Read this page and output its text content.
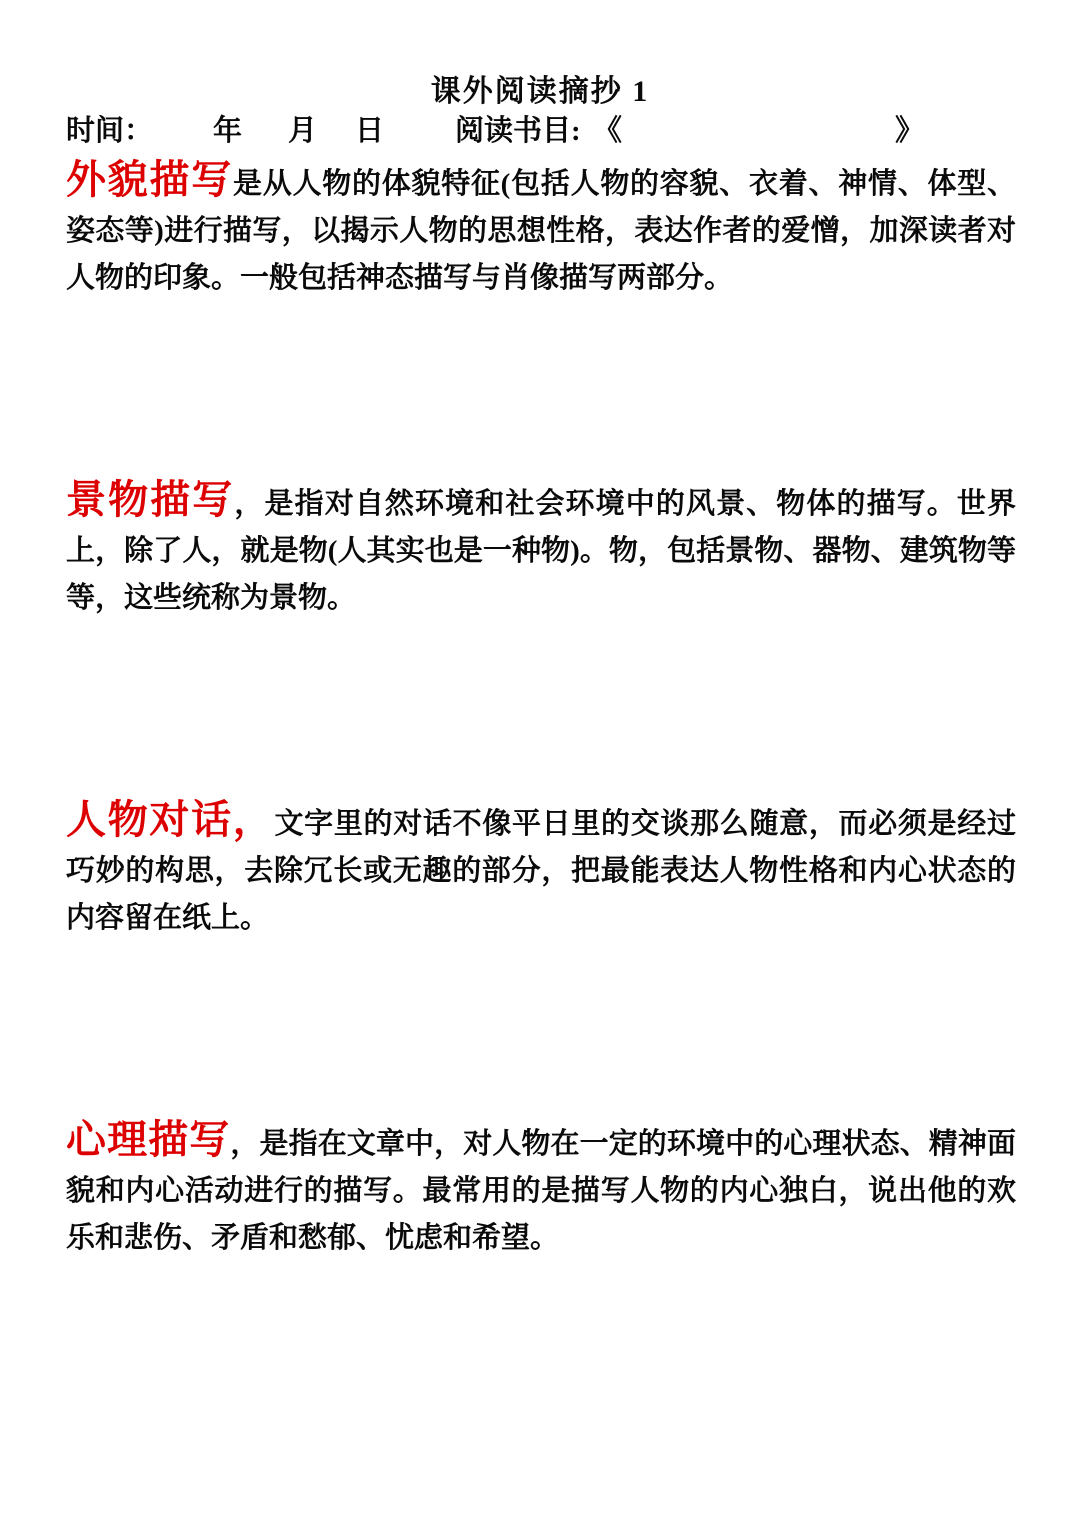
课外阅读摘抄 1
时间： 年 月 日 阅读书目: 《	》

外貌描写是从人物的体貌特征(包括人物的容貌、衣着、神情、体型、姿态等)进行描写，以揭示人物的思想性格，表达作者的爱憎，加深读者对人物的印象。一般包括神态描写与肖像描写两部分。

景物描写，是指对自然环境和社会环境中的风景、物体的描写。世界上，除了人，就是物(人其实也是一种物)。物，包括景物、器物、建筑物等等，这些统称为景物。

人物对话，文字里的对话不像平日里的交谈那么随意，而必须是经过巧妙的构思，去除冗长或无趣的部分，把最能表达人物性格和内心状态的内容留在纸上。

心理描写，是指在文章中，对人物在一定的环境中的心理状态、精神面貌和内心活动进行的描写。最常用的是描写人物的内心独白，说出他的欢乐和悲伤、矛盾和愁郁、忧虑和希望。
